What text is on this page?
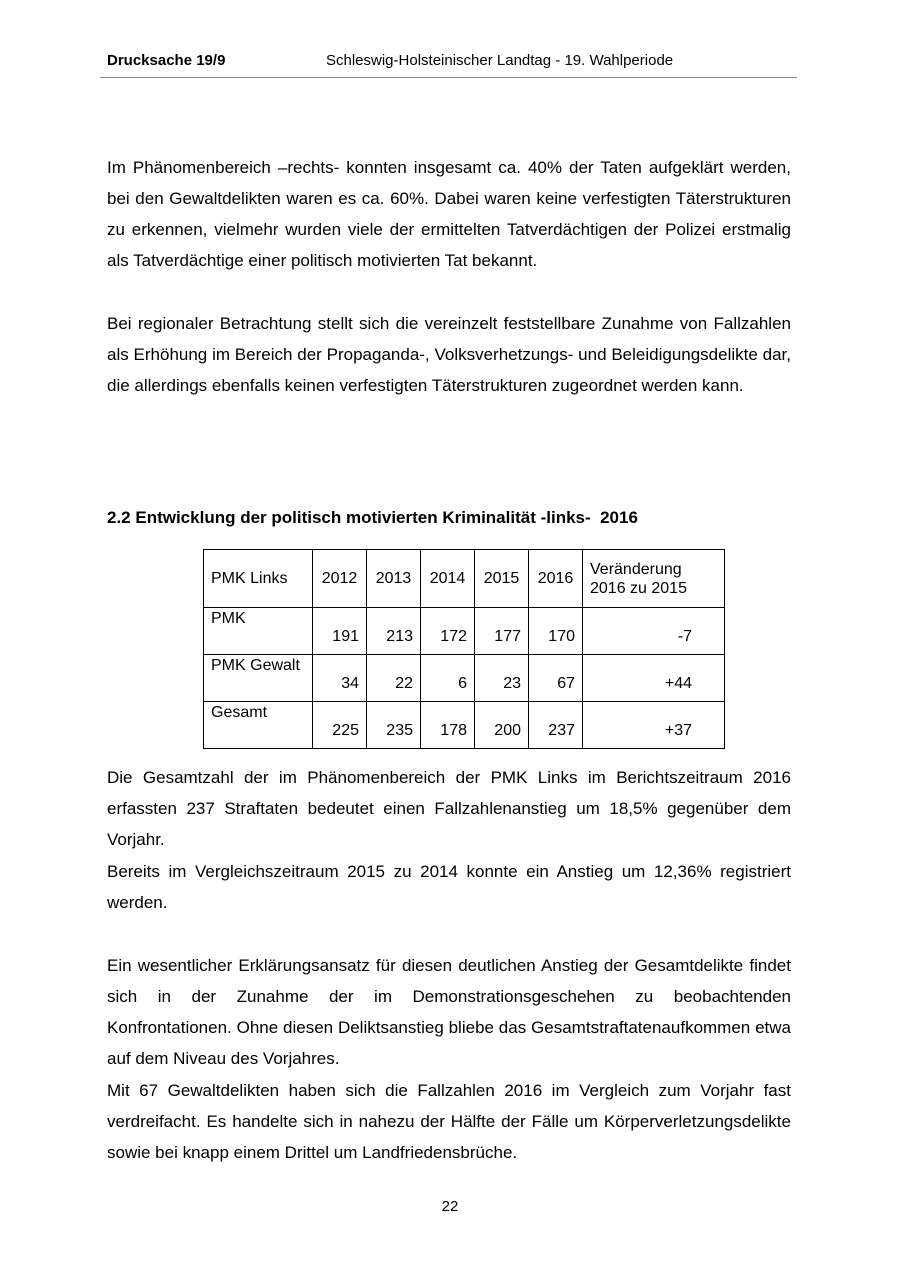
Drucksache 19/9	Schleswig-Holsteinischer Landtag - 19. Wahlperiode

Im Phänomenbereich –rechts- konnten insgesamt ca. 40% der Taten aufgeklärt werden, bei den Gewaltdelikten waren es ca. 60%. Dabei waren keine verfestigten Täterstrukturen zu erkennen, vielmehr wurden viele der ermittelten Tatverdächtigen der Polizei erstmalig als Tatverdächtige einer politisch motivierten Tat bekannt.

Bei regionaler Betrachtung stellt sich die vereinzelt feststellbare Zunahme von Fallzahlen als Erhöhung im Bereich der Propaganda-, Volksverhetzungs- und Beleidigungsdelikte dar, die allerdings ebenfalls keinen verfestigten Täterstrukturen zugeordnet werden kann.

2.2 Entwicklung der politisch motivierten Kriminalität -links-  2016
PMK Links	2012	2013	2014	2015	2016	Veränderung 2016 zu 2015
PMK	191	213	172	177	170	-7
PMK Gewalt	34	22	6	23	67	+44
Gesamt	225	235	178	200	237	+37

Die Gesamtzahl der im Phänomenbereich der PMK Links im Berichtszeitraum 2016 erfassten 237 Straftaten bedeutet einen Fallzahlenanstieg um 18,5% gegenüber dem Vorjahr.

Bereits im Vergleichszeitraum 2015 zu 2014 konnte ein Anstieg um 12,36% registriert werden.

Ein wesentlicher Erklärungsansatz für diesen deutlichen Anstieg der Gesamtdelikte findet sich in der Zunahme der im Demonstrationsgeschehen zu beobachtenden Konfrontationen. Ohne diesen Deliktsanstieg bliebe das Gesamtstraftatenaufkommen etwa auf dem Niveau des Vorjahres.

Mit 67 Gewaltdelikten haben sich die Fallzahlen 2016 im Vergleich zum Vorjahr fast verdreifacht. Es handelte sich in nahezu der Hälfte der Fälle um Körperverletzungsdelikte sowie bei knapp einem Drittel um Landfriedensbrüche.

22
